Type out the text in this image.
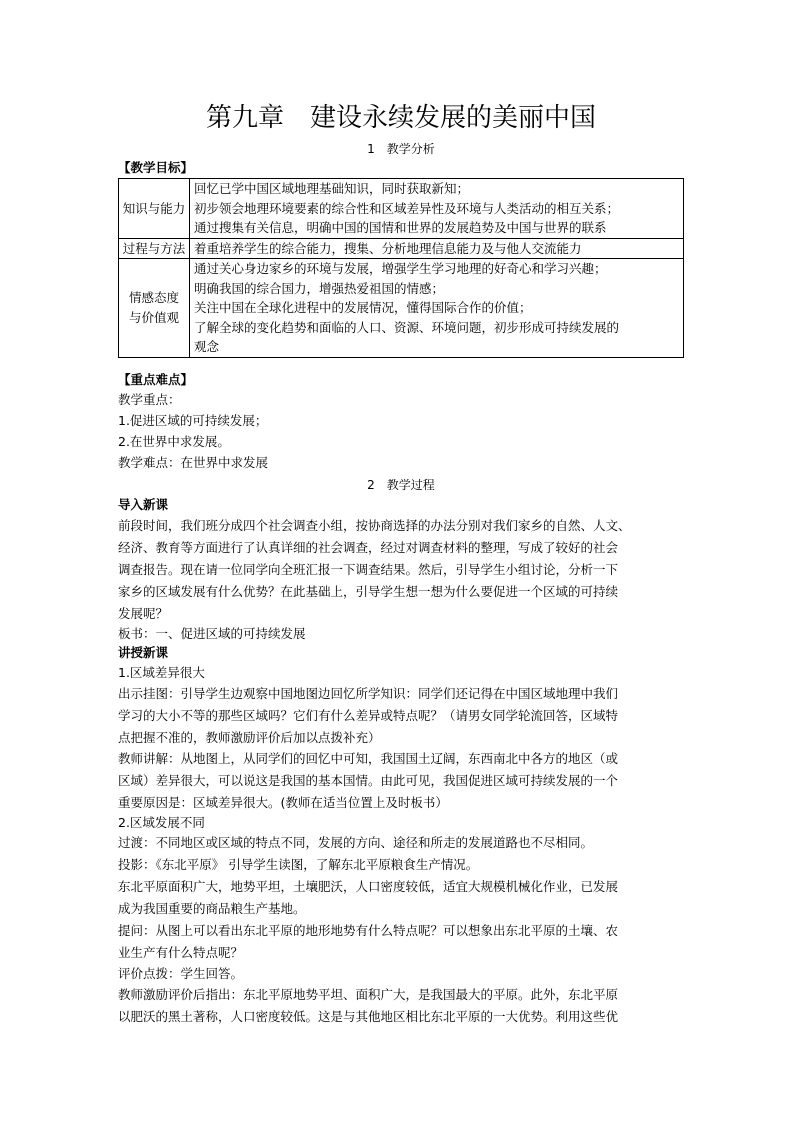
第九章　建设永续发展的美丽中国
1　教学分析
【教学目标】
知识与能力	回忆已学中国区域地理基础知识，同时获取新知；
初步领会地理环境要素的综合性和区域差异性及环境与人类活动的相互关系；
通过搜集有关信息，明确中国的国情和世界的发展趋势及中国与世界的联系

过程与方法	着重培养学生的综合能力，搜集、分析地理信息能力及与他人交流能力

情感态度
与价值观	通过关心身边家乡的环境与发展，增强学生学习地理的好奇心和学习兴趣；
明确我国的综合国力，增强热爱祖国的情感；
关注中国在全球化进程中的发展情况，懂得国际合作的价值；
了解全球的变化趋势和面临的人口、资源、环境问题，初步形成可持续发展的
观念
【重点难点】
教学重点：
1.促进区域的可持续发展；
2.在世界中求发展。
教学难点：在世界中求发展
2　教学过程
导入新课
前段时间，我们班分成四个社会调查小组，按协商选择的办法分别对我们家乡的自然、人文、
经济、教育等方面进行了认真详细的社会调查，经过对调查材料的整理，写成了较好的社会
调查报告。现在请一位同学向全班汇报一下调查结果。然后，引导学生小组讨论，分析一下
家乡的区域发展有什么优势？在此基础上，引导学生想一想为什么要促进一个区域的可持续
发展呢？
板书：一、促进区域的可持续发展
讲授新课
1.区域差异很大
出示挂图：引导学生边观察中国地图边回忆所学知识：同学们还记得在中国区域地理中我们
学习的大小不等的那些区域吗？它们有什么差异或特点呢？（请男女同学轮流回答，区域特
点把握不准的，教师激励评价后加以点拨补充）
教师讲解：从地图上，从同学们的回忆中可知，我国国土辽阔，东西南北中各方的地区（或
区域）差异很大，可以说这是我国的基本国情。由此可见，我国促进区域可持续发展的一个
重要原因是：区域差异很大。(教师在适当位置上及时板书）
2.区域发展不同
过渡：不同地区或区域的特点不同，发展的方向、途径和所走的发展道路也不尽相同。
投影：《东北平原》 引导学生读图，了解东北平原粮食生产情况。
东北平原面积广大，地势平坦，土壤肥沃，人口密度较低，适宜大规模机械化作业，已发展
成为我国重要的商品粮生产基地。
提问：从图上可以看出东北平原的地形地势有什么特点呢？可以想象出东北平原的土壤、农
业生产有什么特点呢？
评价点拨：学生回答。
教师激励评价后指出：东北平原地势平坦、面积广大，是我国最大的平原。此外，东北平原
以肥沃的黑土著称，人口密度较低。这是与其他地区相比东北平原的一大优势。利用这些优
